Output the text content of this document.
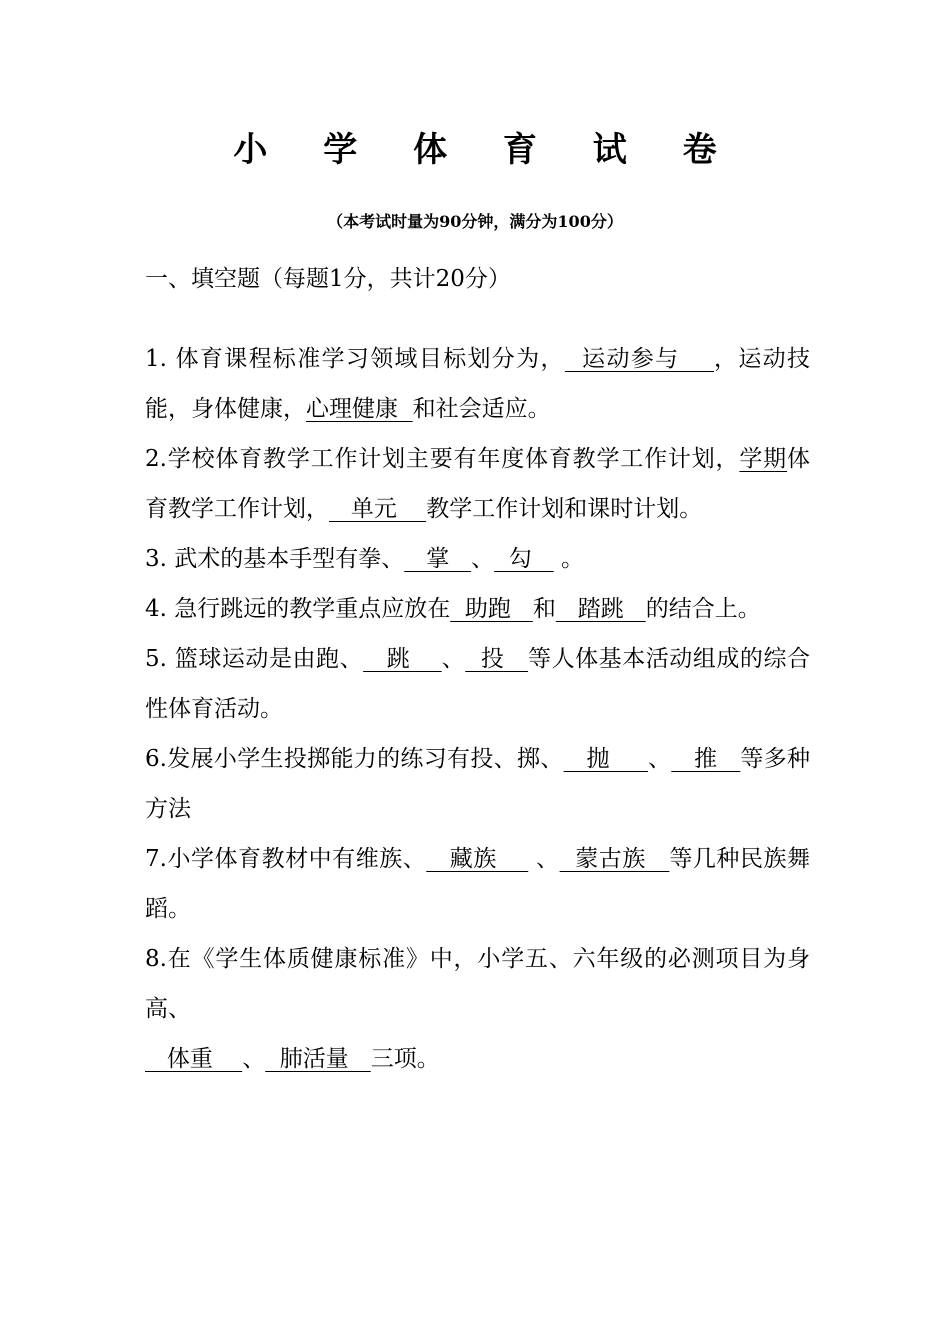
小 学 体 育 试 卷
（本考试时量为90分钟，满分为100分）
一、填空题（每题1分，共计20分）

1. 体育课程标准学习领域目标划分为，  运动参与    ，运动技能，身体健康，心理健康  和社会适应。

2.学校体育教学工作计划主要有年度体育教学工作计划，学期体育教学工作计划，   单元    教学工作计划和课时计划。

3. 武术的基本手型有拳、   掌   、  勾    。

4. 急行跳远的教学重点应放在  助跑   和   踏跳   的结合上。

5. 篮球运动是由跑、   跳    、  投   等人体基本活动组成的综合性体育活动。

6.发展小学生投掷能力的练习有投、掷、   抛     、   推   等多种方法

7.小学体育教材中有维族、   藏族     、  蒙古族   等几种民族舞蹈。

8.在《学生体质健康标准》中，小学五、六年级的必测项目为身高、

体重    、  肺活量   三项。
